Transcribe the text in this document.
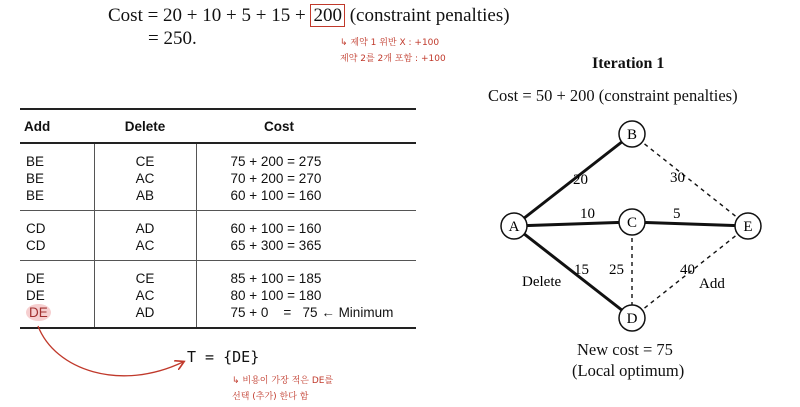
Cost = 20 + 10 + 5 + 15 + 200 (constraint penalties)
= 250.	↳ 제약 1 위반 X : +100
제약 2를 2개 포함 : +100
Add	Delete	Cost
BE	CE	75 + 200 = 275
BE	AC	70 + 200 = 270
BE	AB	60 + 100 = 160
CD	AD	60 + 100 = 160
CD	AC	65 + 300 = 365
DE	CE	85 + 100 = 185
DE	AC	80 + 100 = 180
DE	AD	75 + 0    =   75 ← Minimum
T = {DE}
↳ 비용이 가장 적은 DE를
선택 (추가) 한다 함
Iteration 1
Cost = 50 + 200 (constraint penalties)
New cost = 75
(Local optimum)
A
B
C
D
E
20	30
10	5
15 25	40
Delete	Add
